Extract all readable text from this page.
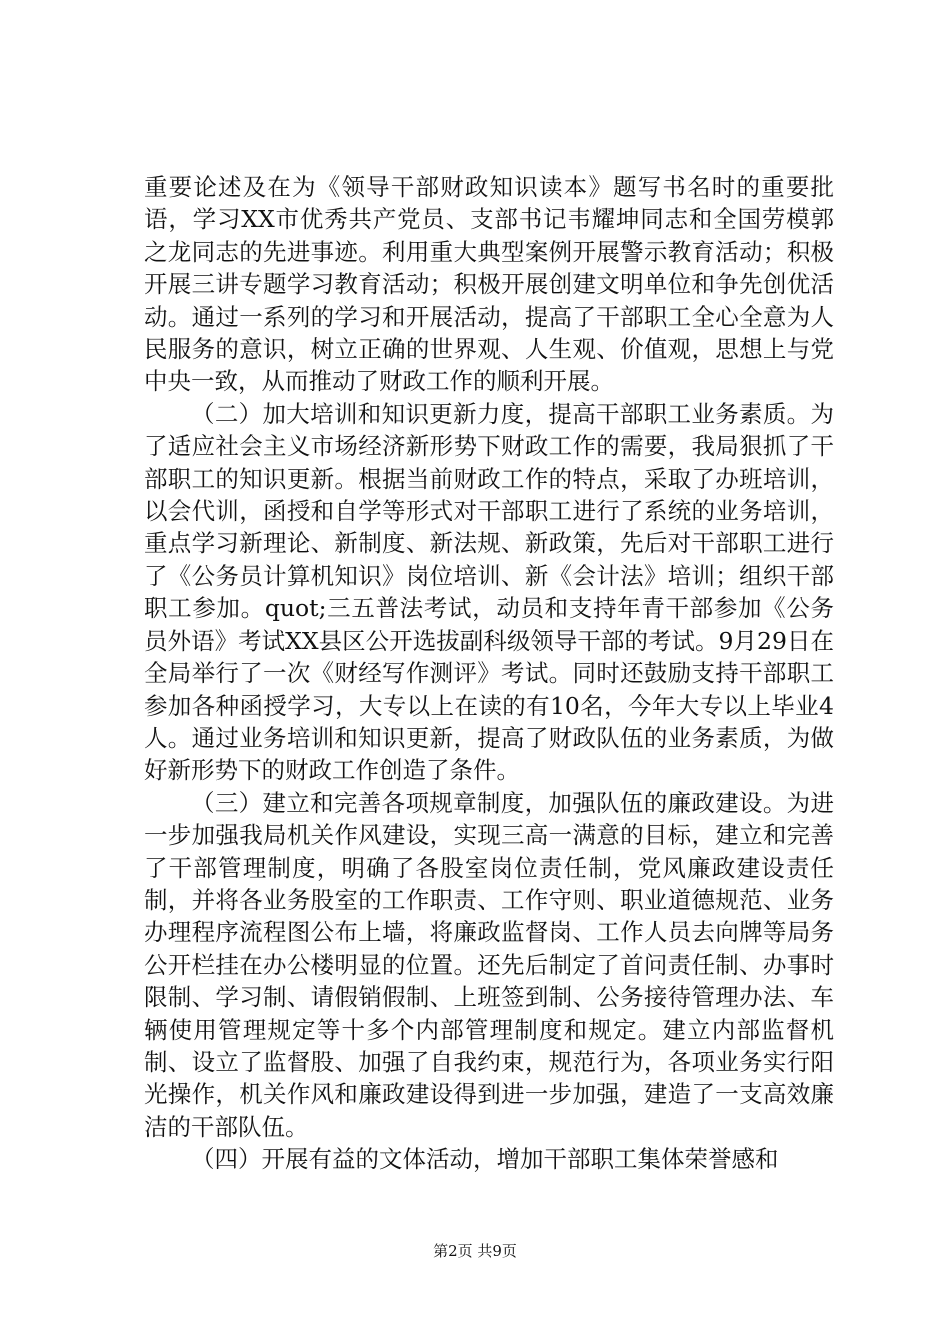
重要论述及在为《领导干部财政知识读本》题写书名时的重要批语，学习XX市优秀共产党员、支部书记韦耀坤同志和全国劳模郭之龙同志的先进事迹。利用重大典型案例开展警示教育活动；积极开展三讲专题学习教育活动；积极开展创建文明单位和争先创优活动。通过一系列的学习和开展活动，提高了干部职工全心全意为人民服务的意识，树立正确的世界观、人生观、价值观，思想上与党中央一致，从而推动了财政工作的顺利开展。

（二）加大培训和知识更新力度，提高干部职工业务素质。为了适应社会主义市场经济新形势下财政工作的需要，我局狠抓了干部职工的知识更新。根据当前财政工作的特点，采取了办班培训，以会代训，函授和自学等形式对干部职工进行了系统的业务培训，重点学习新理论、新制度、新法规、新政策，先后对干部职工进行了《公务员计算机知识》岗位培训、新《会计法》培训；组织干部职工参加。quot;三五普法考试，动员和支持年青干部参加《公务员外语》考试XX县区公开选拔副科级领导干部的考试。9月29日在全局举行了一次《财经写作测评》考试。同时还鼓励支持干部职工参加各种函授学习，大专以上在读的有10名，今年大专以上毕业4人。通过业务培训和知识更新，提高了财政队伍的业务素质，为做好新形势下的财政工作创造了条件。

（三）建立和完善各项规章制度，加强队伍的廉政建设。为进一步加强我局机关作风建设，实现三高一满意的目标，建立和完善了干部管理制度，明确了各股室岗位责任制，党风廉政建设责任制，并将各业务股室的工作职责、工作守则、职业道德规范、业务办理程序流程图公布上墙，将廉政监督岗、工作人员去向牌等局务公开栏挂在办公楼明显的位置。还先后制定了首问责任制、办事时限制、学习制、请假销假制、上班签到制、公务接待管理办法、车辆使用管理规定等十多个内部管理制度和规定。建立内部监督机制、设立了监督股、加强了自我约束，规范行为，各项业务实行阳光操作，机关作风和廉政建设得到进一步加强，建造了一支高效廉洁的干部队伍。

（四）开展有益的文体活动，增加干部职工集体荣誉感和

第2页 共9页
